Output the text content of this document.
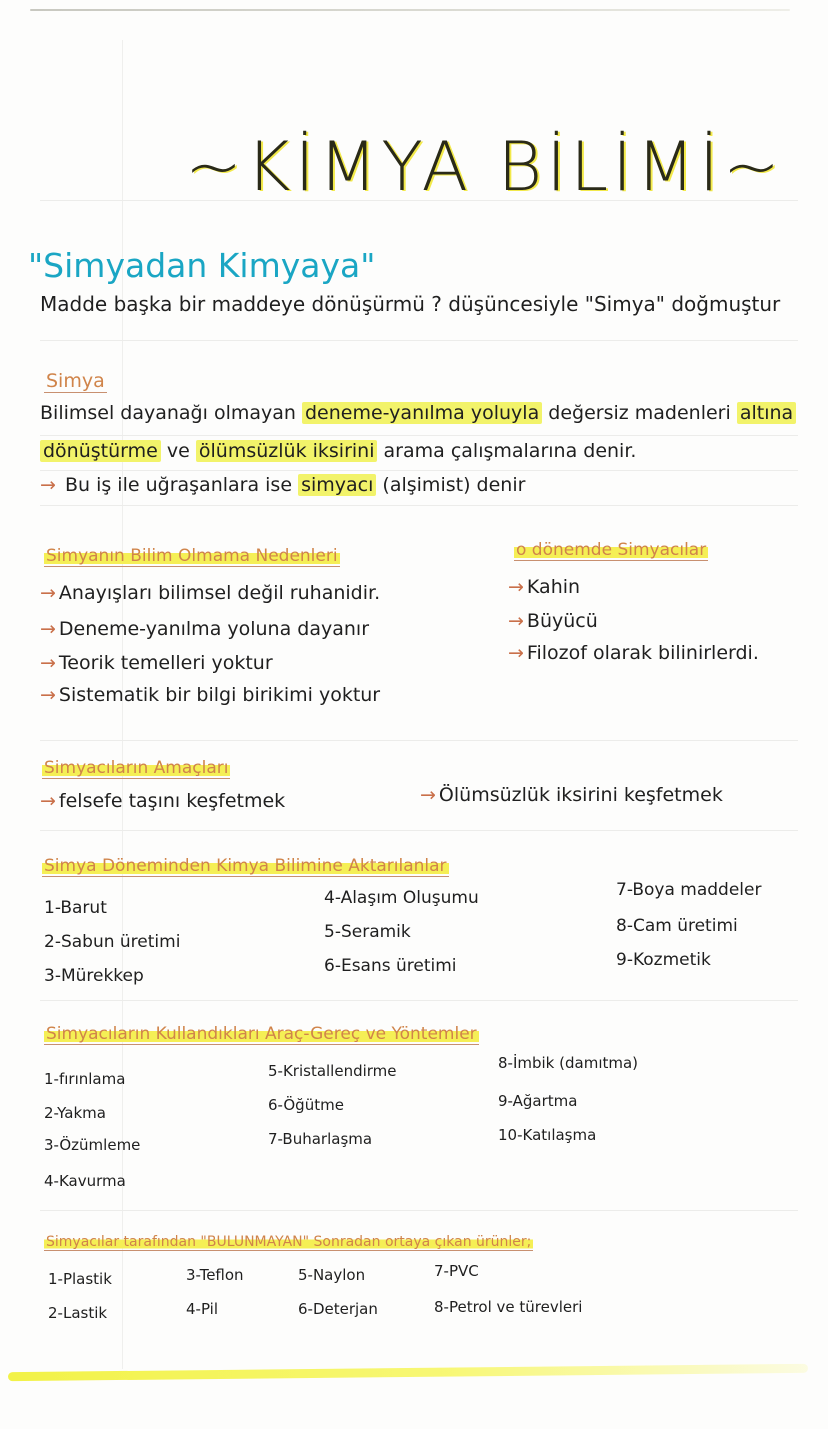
~KİMYA BİLİMİ~
"Simyadan Kimyaya"
Madde başka bir maddeye dönüşürmü ? düşüncesiyle "Simya" doğmuştur
Simya
Bilimsel dayanağı olmayan deneme-yanılma yoluyla değersiz madenleri altına
dönüştürme ve ölümsüzlük iksirini arama çalışmalarına denir.
→ Bu iş ile uğraşanlara ise simyacı (alşimist) denir
Simyanın Bilim Olmama Nedenleri
→ Anayışları bilimsel değil ruhanidir.
→ Deneme-yanılma yoluna dayanır
→ Teorik temelleri yoktur
→ Sistematik bir bilgi birikimi yoktur
o dönemde Simyacılar
→ Kahin
→ Büyücü
→ Filozof olarak bilinirlerdi.
Simyacıların Amaçları
→ felsefe taşını keşfetmek	→ Ölümsüzlük iksirini keşfetmek
Simya Döneminden Kimya Bilimine Aktarılanlar
1-Barut
2-Sabun üretimi
3-Mürekkep
4-Alaşım Oluşumu
5-Seramik
6-Esans üretimi
7-Boya maddeler
8-Cam üretimi
9-Kozmetik
Simyacıların Kullandıkları Araç-Gereç ve Yöntemler
1-fırınlama
2-Yakma
3-Özümleme
4-Kavurma
5-Kristallendirme
6-Öğütme
7-Buharlaşma
8-İmbik (damıtma)
9-Ağartma
10-Katılaşma
Simyacılar tarafından "BULUNMAYAN" Sonradan ortaya çıkan ürünler;
1-Plastik
2-Lastik
3-Teflon
4-Pil
5-Naylon
6-Deterjan
7-PVC
8-Petrol ve türevleri
